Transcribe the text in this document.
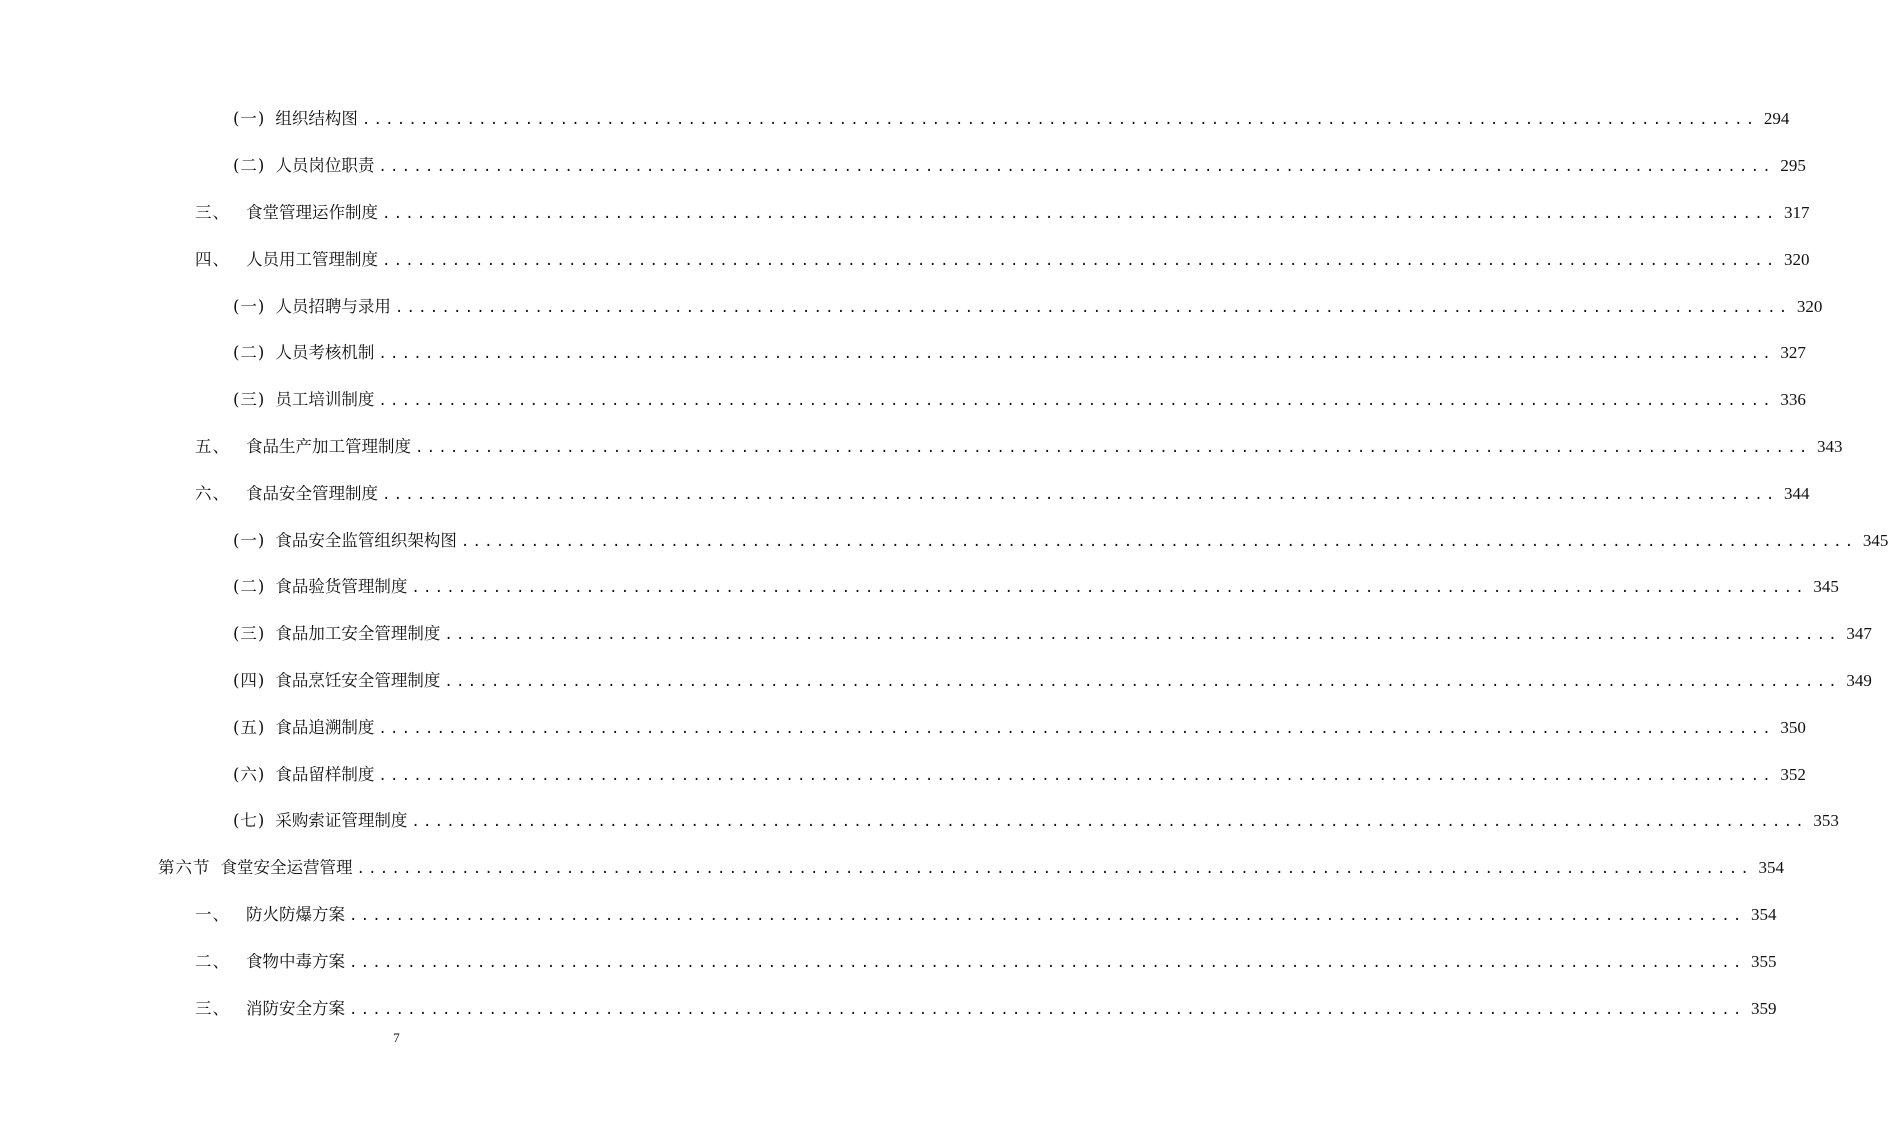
(一) 组织结构图 ........................................................................................................................ 294
(二) 人员岗位职责 ........................................................................................................................ 295
三、 食堂管理运作制度 ........................................................................................................................ 317
四、 人员用工管理制度 ........................................................................................................................ 320
(一) 人员招聘与录用 ........................................................................................................................ 320
(二) 人员考核机制 ........................................................................................................................ 327
(三) 员工培训制度 ........................................................................................................................ 336
五、 食品生产加工管理制度 ........................................................................................................................ 343
六、 食品安全管理制度 ........................................................................................................................ 344
(一) 食品安全监管组织架构图 ........................................................................................................................ 345
(二) 食品验货管理制度 ........................................................................................................................ 345
(三) 食品加工安全管理制度 ........................................................................................................................ 347
(四) 食品烹饪安全管理制度 ........................................................................................................................ 349
(五) 食品追溯制度 ........................................................................................................................ 350
(六) 食品留样制度 ........................................................................................................................ 352
(七) 采购索证管理制度 ........................................................................................................................ 353
第六节 食堂安全运营管理 ........................................................................................................................ 354
一、 防火防爆方案 ........................................................................................................................ 354
二、 食物中毒方案 ........................................................................................................................ 355
三、 消防安全方案 ........................................................................................................................ 359
7
